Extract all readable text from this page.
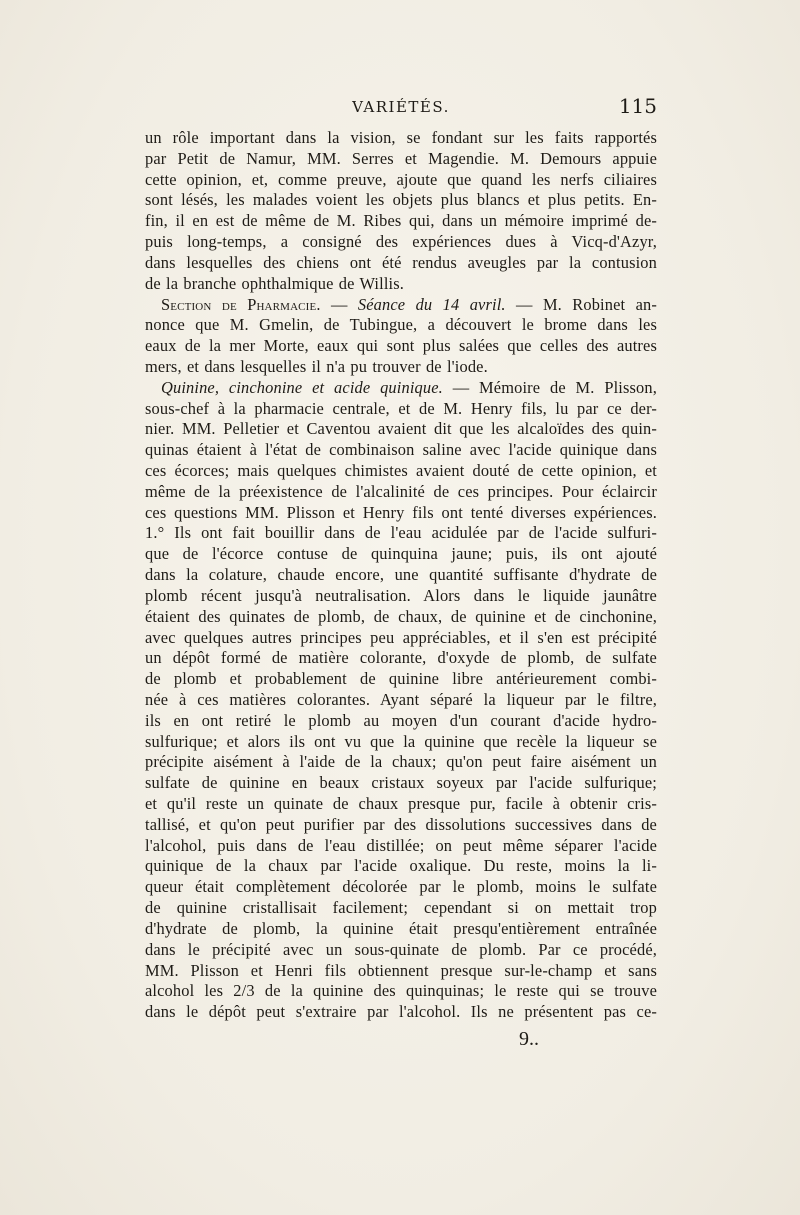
VARIÉTÉS.	115
un rôle important dans la vision, se fondant sur les faits rapportés
par Petit de Namur, MM. Serres et Magendie. M. Demours appuie
cette opinion, et, comme preuve, ajoute que quand les nerfs ciliaires
sont lésés, les malades voient les objets plus blancs et plus petits. En-
fin, il en est de même de M. Ribes qui, dans un mémoire imprimé de-
puis long-temps, a consigné des expériences dues à Vicq-d'Azyr,
dans lesquelles des chiens ont été rendus aveugles par la contusion
de la branche ophthalmique de Willis.
Section de Pharmacie. — Séance du 14 avril. — M. Robinet an-
nonce que M. Gmelin, de Tubingue, a découvert le brome dans les
eaux de la mer Morte, eaux qui sont plus salées que celles des autres
mers, et dans lesquelles il n'a pu trouver de l'iode.
Quinine, cinchonine et acide quinique. — Mémoire de M. Plisson,
sous-chef à la pharmacie centrale, et de M. Henry fils, lu par ce der-
nier. MM. Pelletier et Caventou avaient dit que les alcaloïdes des quin-
quinas étaient à l'état de combinaison saline avec l'acide quinique dans
ces écorces; mais quelques chimistes avaient douté de cette opinion, et
même de la préexistence de l'alcalinité de ces principes. Pour éclaircir
ces questions MM. Plisson et Henry fils ont tenté diverses expériences.
1.° Ils ont fait bouillir dans de l'eau acidulée par de l'acide sulfuri-
que de l'écorce contuse de quinquina jaune; puis, ils ont ajouté
dans la colature, chaude encore, une quantité suffisante d'hydrate de
plomb récent jusqu'à neutralisation. Alors dans le liquide jaunâtre
étaient des quinates de plomb, de chaux, de quinine et de cinchonine,
avec quelques autres principes peu appréciables, et il s'en est précipité
un dépôt formé de matière colorante, d'oxyde de plomb, de sulfate
de plomb et probablement de quinine libre antérieurement combi-
née à ces matières colorantes. Ayant séparé la liqueur par le filtre,
ils en ont retiré le plomb au moyen d'un courant d'acide hydro-
sulfurique; et alors ils ont vu que la quinine que recèle la liqueur se
précipite aisément à l'aide de la chaux; qu'on peut faire aisément un
sulfate de quinine en beaux cristaux soyeux par l'acide sulfurique;
et qu'il reste un quinate de chaux presque pur, facile à obtenir cris-
tallisé, et qu'on peut purifier par des dissolutions successives dans de
l'alcohol, puis dans de l'eau distillée; on peut même séparer l'acide
quinique de la chaux par l'acide oxalique. Du reste, moins la li-
queur était complètement décolorée par le plomb, moins le sulfate
de quinine cristallisait facilement; cependant si on mettait trop
d'hydrate de plomb, la quinine était presqu'entièrement entraînée
dans le précipité avec un sous-quinate de plomb. Par ce procédé,
MM. Plisson et Henri fils obtiennent presque sur-le-champ et sans
alcohol les 2/3 de la quinine des quinquinas; le reste qui se trouve
dans le dépôt peut s'extraire par l'alcohol. Ils ne présentent pas ce-
9..
